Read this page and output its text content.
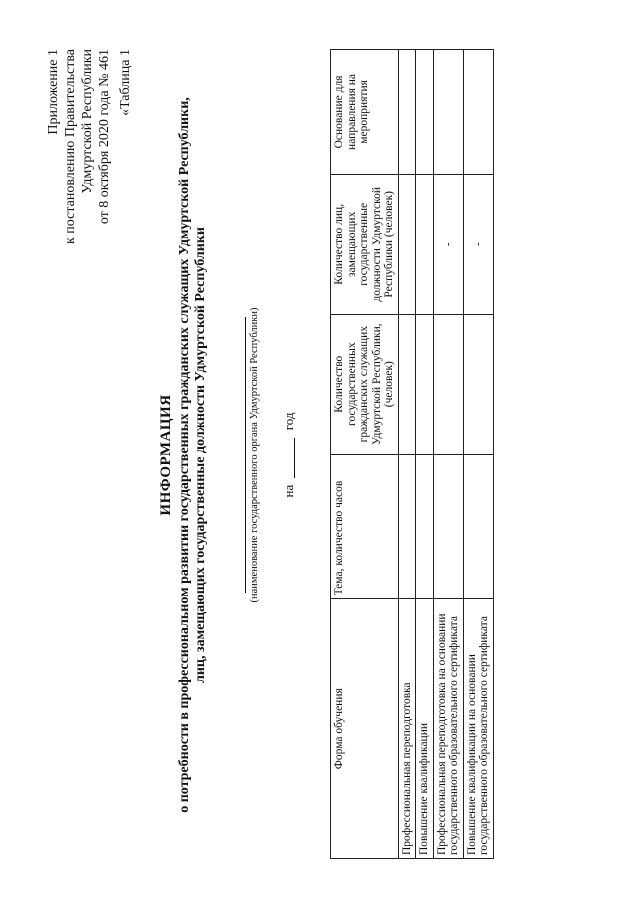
Приложение 1 к постановлению Правительства Удмуртской Республики от 8 октября 2020 года № 461 «Таблица 1
ИНФОРМАЦИЯ о потребности в профессиональном развитии государственных гражданских служащих Удмуртской Республики, лиц, замещающих государственные должности Удмуртской Республики	(наименование государственного органа Удмуртской Республики) на  год
Форма обучения	Тема, количество часов	Количество государственных гражданских служащих Удмуртской Республики, (человек)	Количество лиц, замещающих государственные должности Удмуртской Республики (человек)	Основание для направления на мероприятия
Профессиональная переподготовка				
Повышение квалификации				
Профессиональная переподготовка на основании государственного образовательного сертификата			-	
Повышение квалификации на основании государственного образовательного сертификата			-	
